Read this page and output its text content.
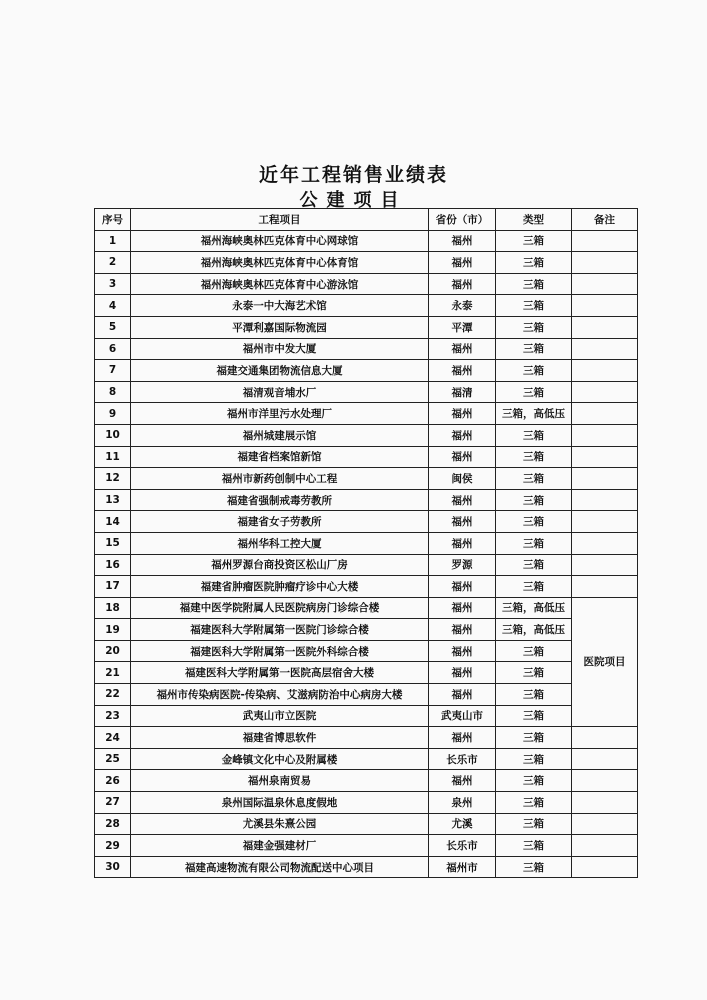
近年工程销售业绩表
公建项目
序号	工程项目	省份（市）	类型	备注
1	福州海峡奥林匹克体育中心网球馆	福州	三箱	
2	福州海峡奥林匹克体育中心体育馆	福州	三箱	
3	福州海峡奥林匹克体育中心游泳馆	福州	三箱	
4	永泰一中大海艺术馆	永泰	三箱	
5	平潭利嘉国际物流园	平潭	三箱	
6	福州市中发大厦	福州	三箱	
7	福建交通集团物流信息大厦	福州	三箱	
8	福清观音埔水厂	福清	三箱	
9	福州市洋里污水处理厂	福州	三箱，高低压	
10	福州城建展示馆	福州	三箱	
11	福建省档案馆新馆	福州	三箱	
12	福州市新药创制中心工程	闽侯	三箱	
13	福建省强制戒毒劳教所	福州	三箱	
14	福建省女子劳教所	福州	三箱	
15	福州华科工控大厦	福州	三箱	
16	福州罗源台商投资区松山厂房	罗源	三箱	
17	福建省肿瘤医院肿瘤疗诊中心大楼	福州	三箱	
18	福建中医学院附属人民医院病房门诊综合楼	福州	三箱，高低压	医院项目
19	福建医科大学附属第一医院门诊综合楼	福州	三箱，高低压	
20	福建医科大学附属第一医院外科综合楼	福州	三箱	
21	福建医科大学附属第一医院高层宿舍大楼	福州	三箱	
22	福州市传染病医院-传染病、艾滋病防治中心病房大楼	福州	三箱	
23	武夷山市立医院	武夷山市	三箱	
24	福建省博思软件	福州	三箱	
25	金峰镇文化中心及附属楼	长乐市	三箱	
26	福州泉南贸易	福州	三箱	
27	泉州国际温泉休息度假地	泉州	三箱	
28	尤溪县朱熹公园	尤溪	三箱	
29	福建金强建材厂	长乐市	三箱	
30	福建高速物流有限公司物流配送中心项目	福州市	三箱	
